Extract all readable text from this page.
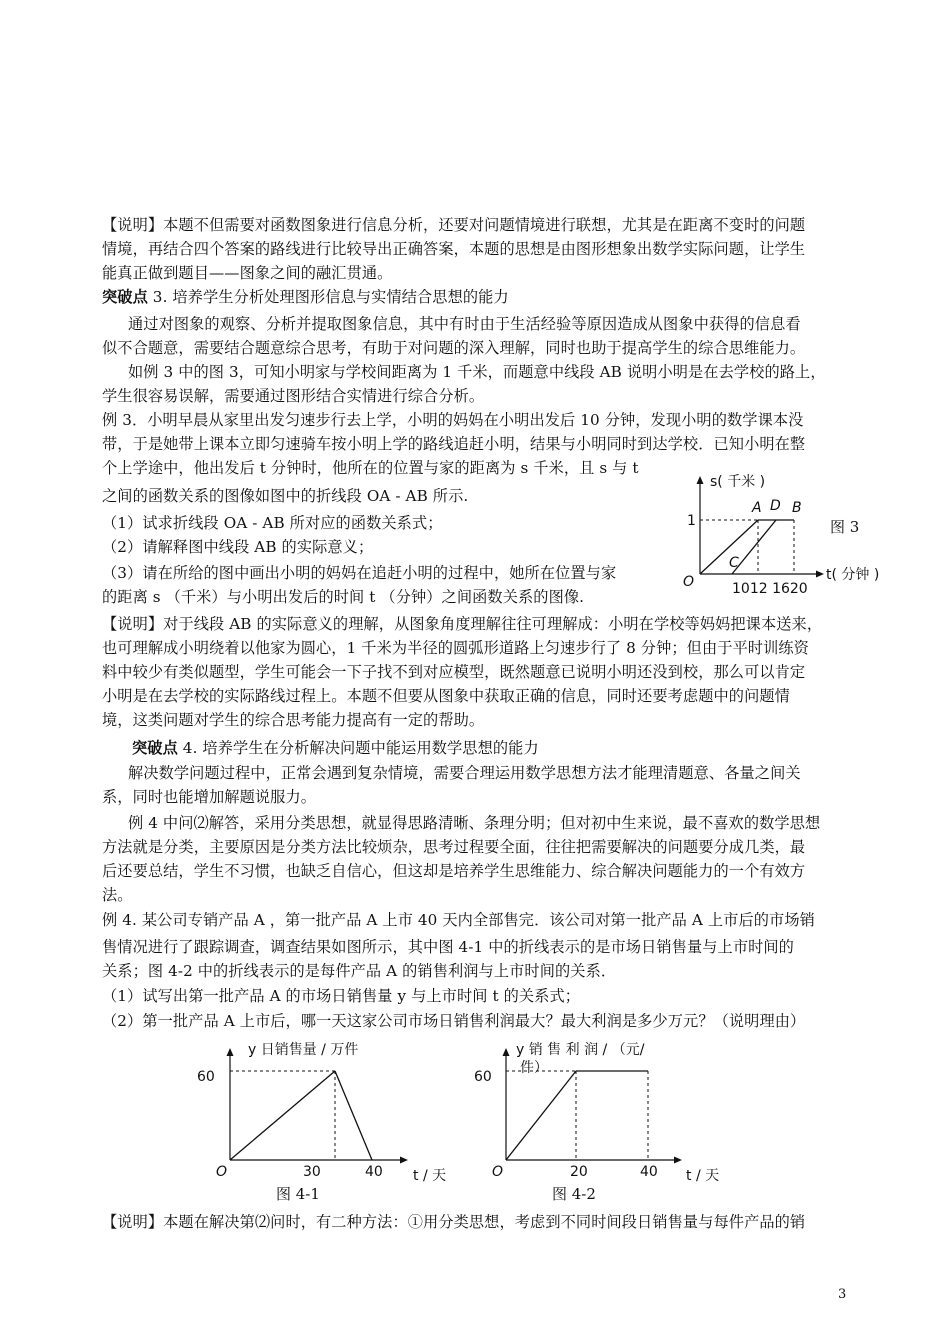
【说明】本题不但需要对函数图象进行信息分析，还要对问题情境进行联想，尤其是在距离不变时的问题
情境，再结合四个答案的路线进行比较导出正确答案，本题的思想是由图形想象出数学实际问题，让学生
能真正做到题目——图象之间的融汇贯通。
突破点 3. 培养学生分析处理图形信息与实情结合思想的能力
通过对图象的观察、分析并提取图象信息，其中有时由于生活经验等原因造成从图象中获得的信息看
似不合题意，需要结合题意综合思考，有助于对问题的深入理解，同时也助于提高学生的综合思维能力。
如例 3 中的图 3，可知小明家与学校间距离为 1 千米，而题意中线段 AB 说明小明是在去学校的路上，
学生很容易误解，需要通过图形结合实情进行综合分析。
例 3．小明早晨从家里出发匀速步行去上学，小明的妈妈在小明出发后 10 分钟，发现小明的数学课本没
带，于是她带上课本立即匀速骑车按小明上学的路线追赶小明，结果与小明同时到达学校．已知小明在整
个上学途中，他出发后 t 分钟时，他所在的位置与家的距离为 s 千米，且 s 与 t
之间的函数关系的图像如图中的折线段 OA - AB 所示.
（1）试求折线段 OA - AB 所对应的函数关系式；
（2）请解释图中线段 AB 的实际意义；
（3）请在所给的图中画出小明的妈妈在追赶小明的过程中，她所在位置与家
的距离 s （千米）与小明出发后的时间 t （分钟）之间函数关系的图像.
s( 千米 )
1
O
A D B
C
1012 1620
t( 分钟 )
图 3
【说明】对于线段 AB 的实际意义的理解，从图象角度理解往往可理解成：小明在学校等妈妈把课本送来，
也可理解成小明绕着以他家为圆心，1 千米为半径的圆弧形道路上匀速步行了 8 分钟；但由于平时训练资
料中较少有类似题型，学生可能会一下子找不到对应模型，既然题意已说明小明还没到校，那么可以肯定
小明是在去学校的实际路线过程上。本题不但要从图象中获取正确的信息，同时还要考虑题中的问题情
境，这类问题对学生的综合思考能力提高有一定的帮助。
突破点 4. 培养学生在分析解决问题中能运用数学思想的能力
解决数学问题过程中，正常会遇到复杂情境，需要合理运用数学思想方法才能理清题意、各量之间关
系，同时也能增加解题说服力。
例 4 中问⑵解答，采用分类思想，就显得思路清晰、条理分明；但对初中生来说，最不喜欢的数学思想
方法就是分类，主要原因是分类方法比较烦杂，思考过程要全面，往往把需要解决的问题要分成几类，最
后还要总结，学生不习惯，也缺乏自信心，但这却是培养学生思维能力、综合解决问题能力的一个有效方
法。
例 4. 某公司专销产品 A ，第一批产品 A 上市 40 天内全部售完．该公司对第一批产品 A 上市后的市场销
售情况进行了跟踪调查，调查结果如图所示，其中图 4-1 中的折线表示的是市场日销售量与上市时间的
关系；图 4-2 中的折线表示的是每件产品 A 的销售利润与上市时间的关系．
（1）试写出第一批产品 A 的市场日销售量 y 与上市时间 t 的关系式；
（2）第一批产品 A 上市后，哪一天这家公司市场日销售利润最大？最大利润是多少万元？（说明理由）
y 日销售量 / 万件
60
O	30	40 t / 天
图 4-1
y 销 售 利 润 / （元/
件）
60
O	20	40 t / 天
图 4-2
【说明】本题在解决第⑵问时，有二种方法：①用分类思想，考虑到不同时间段日销售量与每件产品的销
3
